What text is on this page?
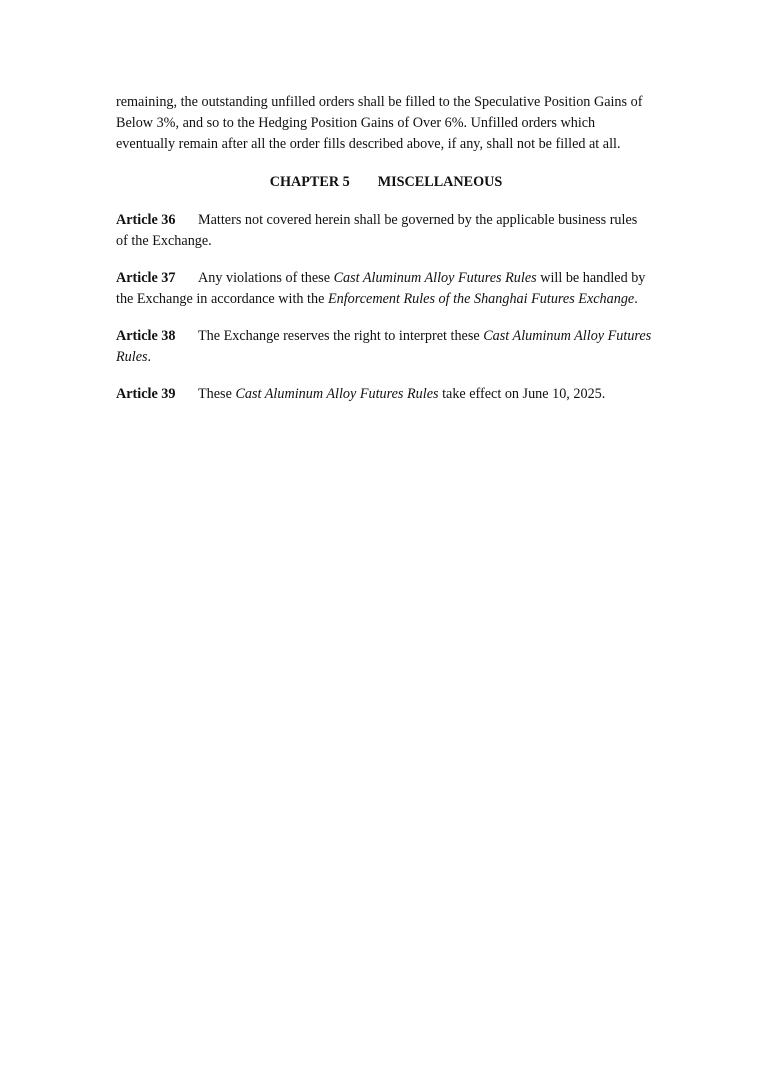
remaining, the outstanding unfilled orders shall be filled to the Speculative Position Gains of
Below 3%, and so to the Hedging Position Gains of Over 6%. Unfilled orders which
eventually remain after all the order fills described above, if any, shall not be filled at all.

CHAPTER 5 MISCELLANEOUS

Article 36 Matters not covered herein shall be governed by the applicable business rules
of the Exchange.

Article 37 Any violations of these Cast Aluminum Alloy Futures Rules will be handled by
the Exchange in accordance with the Enforcement Rules of the Shanghai Futures Exchange.

Article 38 The Exchange reserves the right to interpret these Cast Aluminum Alloy Futures
Rules.

Article 39 These Cast Aluminum Alloy Futures Rules take effect on June 10, 2025.
